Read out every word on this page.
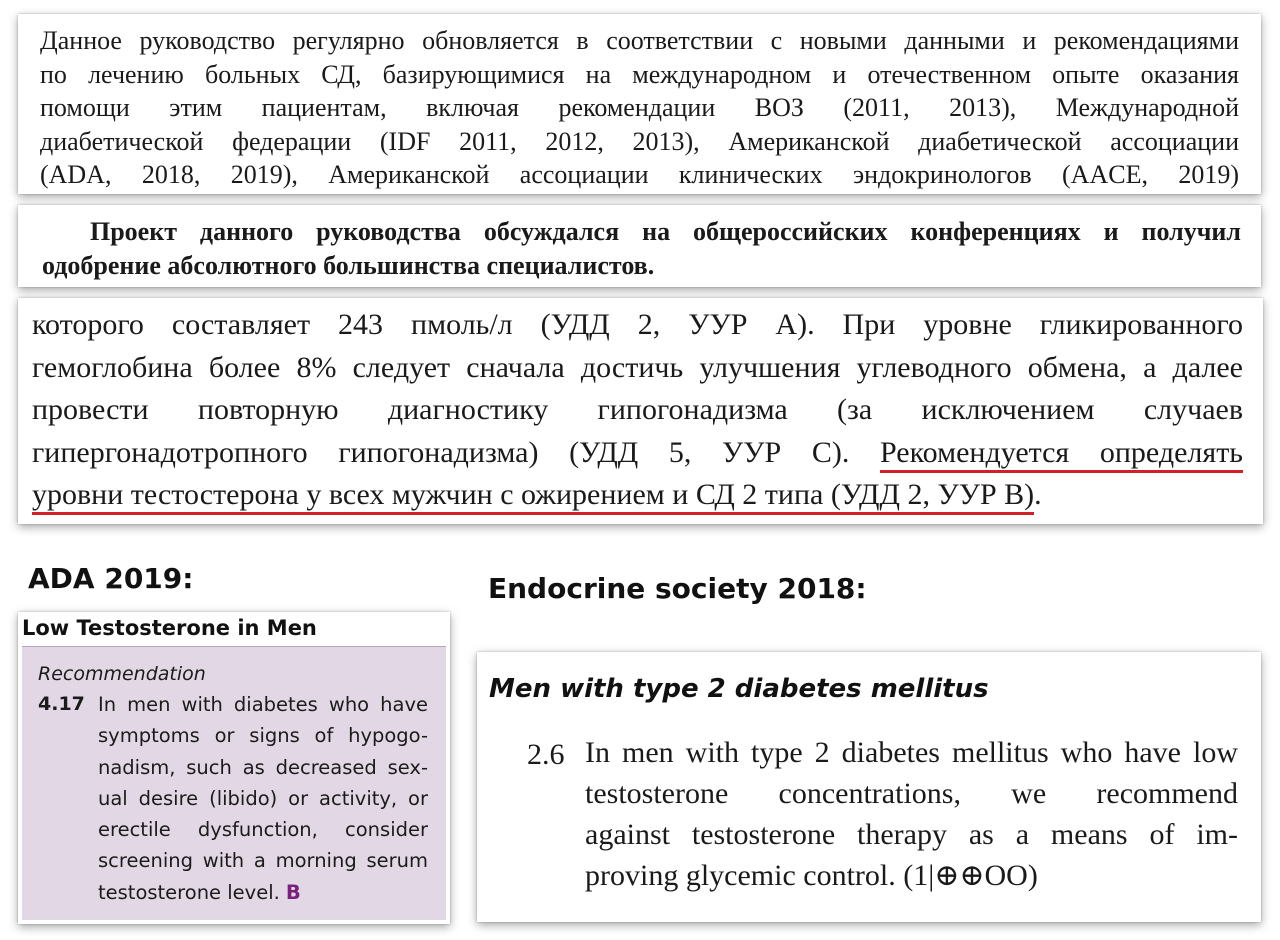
Данное руководство регулярно обновляется в соответствии с новыми данными и рекомендациями
по лечению больных СД, базирующимися на международном и отечественном опыте оказания
помощи этим пациентам, включая рекомендации ВОЗ (2011, 2013), Международной
диабетической федерации (IDF 2011, 2012, 2013), Американской диабетической ассоциации
(ADA, 2018, 2019), Американской ассоциации клинических эндокринологов (AACE, 2019)
Проект данного руководства обсуждался на общероссийских конференциях и получил
одобрение абсолютного большинства специалистов.
которого составляет 243 пмоль/л (УДД 2, УУР А). При уровне гликированного
гемоглобина более 8% следует сначала достичь улучшения углеводного обмена, а далее
провести повторную диагностику гипогонадизма (за исключением случаев
гипергонадотропного гипогонадизма) (УДД 5, УУР С). Рекомендуется определять
уровни тестостерона у всех мужчин с ожирением и СД 2 типа (УДД 2, УУР В).
ADA 2019:	Endocrine society 2018:
Low Testosterone in Men
Recommendation
4.17 In men with diabetes who have
symptoms or signs of hypogo-
nadism, such as decreased sex-
ual desire (libido) or activity, or
erectile dysfunction, consider
screening with a morning serum
testosterone level. B
Men with type 2 diabetes mellitus
2.6 In men with type 2 diabetes mellitus who have low
testosterone concentrations, we recommend
against testosterone therapy as a means of im-
proving glycemic control. (1|⊕⊕OO)
